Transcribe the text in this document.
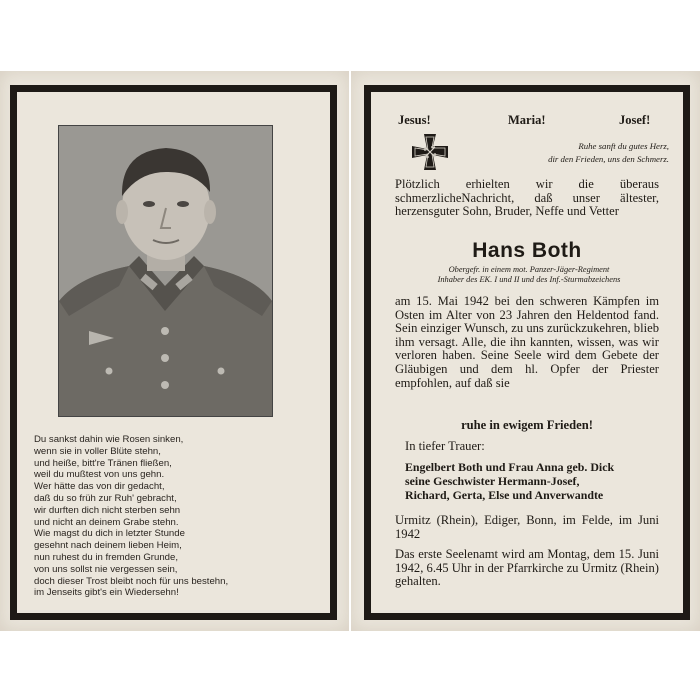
Du sankst dahin wie Rosen sinken,
wenn sie in voller Blüte stehn,
und heiße, bitt're Tränen fließen,
weil du mußtest von uns gehn.
Wer hätte das von dir gedacht,
daß du so früh zur Ruh' gebracht,
wir durften dich nicht sterben sehn
und nicht an deinem Grabe stehn.
Wie magst du dich in letzter Stunde
gesehnt nach deinem lieben Heim,
nun ruhest du in fremden Grunde,
von uns sollst nie vergessen sein,
doch dieser Trost bleibt noch für uns bestehn,
im Jenseits gibt's ein Wiedersehn!
Jesus!	Maria!	Josef!
Ruhe sanft du gutes Herz,
dir den Frieden, uns den Schmerz.
Plötzlich erhielten wir die überaus schmerzlicheNachricht, daß unser ältester, herzensguter Sohn, Bruder, Neffe und Vetter
Hans Both
Obergefr. in einem mot. Panzer-Jäger-Regiment
Inhaber des EK. I und II und des Inf.-Sturmabzeichens
am 15. Mai 1942 bei den schweren Kämpfen im Osten im Alter von 23 Jahren den Heldentod fand. Sein einziger Wunsch, zu uns zurückzukehren, blieb ihm versagt. Alle, die ihn kannten, wissen, was wir verloren haben. Seine Seele wird dem Gebete der Gläubigen und dem hl. Opfer der Priester empfohlen, auf daß sie
ruhe in ewigem Frieden!
In tiefer Trauer:
Engelbert Both und Frau Anna geb. Dick
seine Geschwister Hermann-Josef,
Richard, Gerta, Else und Anverwandte
Urmitz (Rhein), Ediger, Bonn, im Felde, im Juni 1942
Das erste Seelenamt wird am Montag, dem 15. Juni 1942, 6.45 Uhr in der Pfarrkirche zu Urmitz (Rhein) gehalten.
